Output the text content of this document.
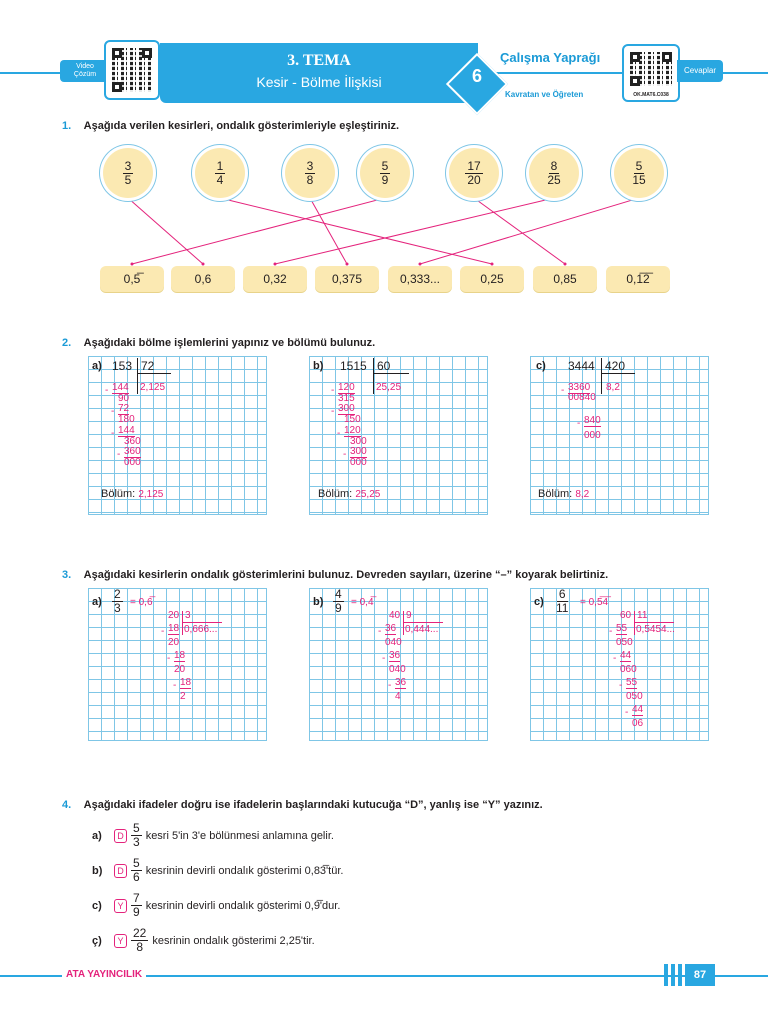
Video
Çözüm
3. TEMA
Kesir - Bölme İlişkisi	6
Çalışma Yaprağı
Kavratan ve Öğreten	OK.MAT6.C038
Cevaplar
1. Aşağıda verilen kesirleri, ondalık gösterimleriyle eşleştiriniz.
$\frac{3}{5}$	$\frac{1}{4}$	$\frac{3}{8}$	$\frac{5}{9}$	$\frac{17}{20}$	$\frac{8}{25}$	$\frac{5}{15}$
0,5̅	0,6	0,32	0,375	0,333...	0,25	0,85	0,1̅2̅
2. Aşağıdaki bölme işlemlerini yapınız ve bölümü bulunuz.
a) 153 72
2,125
144
-
90
72
-
180
144
-
360
360
-
000
Bölüm: 2,125
b) 1515 60
25,25
120
-
315
300
-
150
120
-
300
300
-
000
Bölüm: 25,25
c) 3444 420
8,2
3360
-
00840
840
-
000
Bölüm: 8,2
3. Aşağıdaki kesirlerin ondalık gösterimlerini bulunuz. Devreden sayıları, üzerine “–” koyarak belirtiniz.
$a) \frac{2}{3}$ = 0,6̅
20 3
0,666...
18
-
20
18
-
20
18
-
2
$b) \frac{4}{9}$ = 0,4̅
40 9
0,444...
36
-
040
36
-
040
36
-
4
$c) \frac{6}{11}$ = 0,5̅4̅
60 11
0,5454...
55
-
050
44
-
060
55
-
050
44
-
06
4. Aşağıdaki ifadeler doğru ise ifadelerin başlarındaki kutucuğa “D”, yanlış ise “Y” yazınız.
a)	D $\frac{5}{3}$ kesri 5'in 3'e bölünmesi anlamına gelir.
b)	D $\frac{5}{6}$ kesrinin devirli ondalık gösterimi 0,83̅'tür.
c)	Y $\frac{7}{9}$ kesrinin devirli ondalık gösterimi 0,9̅'dur.
ç)	Y $\frac{22}{8}$ kesrinin ondalık gösterimi 2,25'tir.
ATA YAYINCILIK	87
